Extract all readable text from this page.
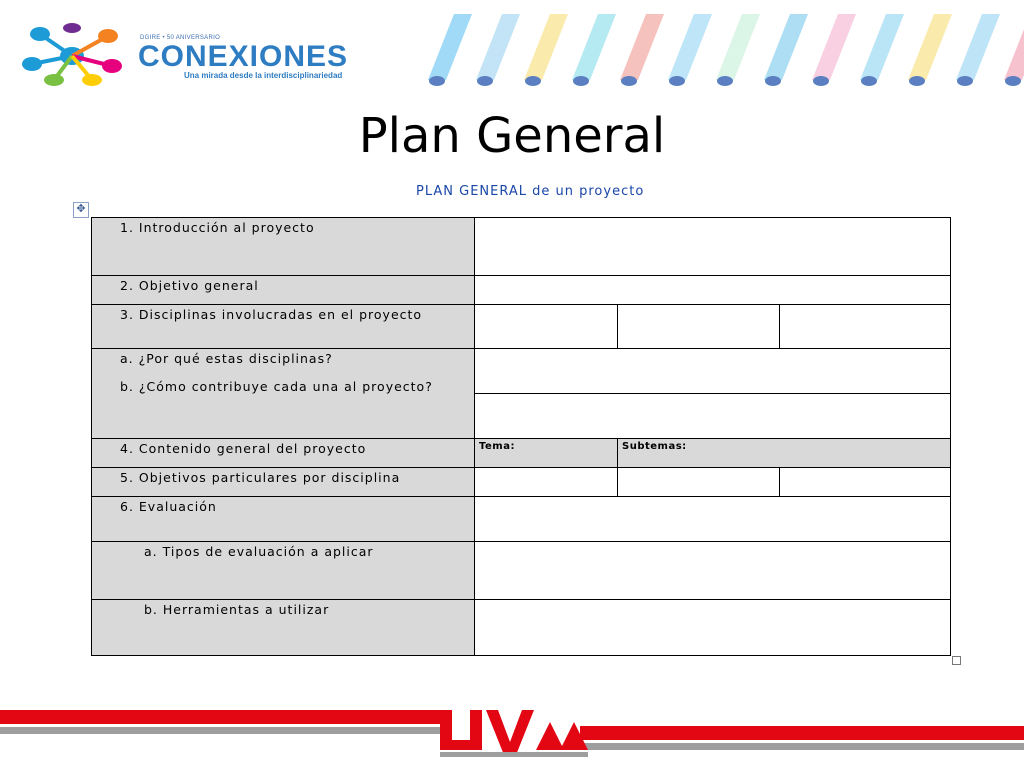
DGIRE • 50 ANIVERSARIO
CONEXIONES
Una mirada desde la interdisciplinariedad
Plan General
PLAN GENERAL de un proyecto
✥
1. Introducción al proyecto			
2. Objetivo general			
3. Disciplinas involucradas en el proyecto			

a. ¿Por qué estas disciplinas?
b. ¿Cómo contribuye cada una al proyecto?			

4. Contenido general del proyecto	Tema:	Subtemas:	
5. Objetivos particulares por disciplina			
6. Evaluación			
a. Tipos de evaluación a aplicar			
b. Herramientas a utilizar			
